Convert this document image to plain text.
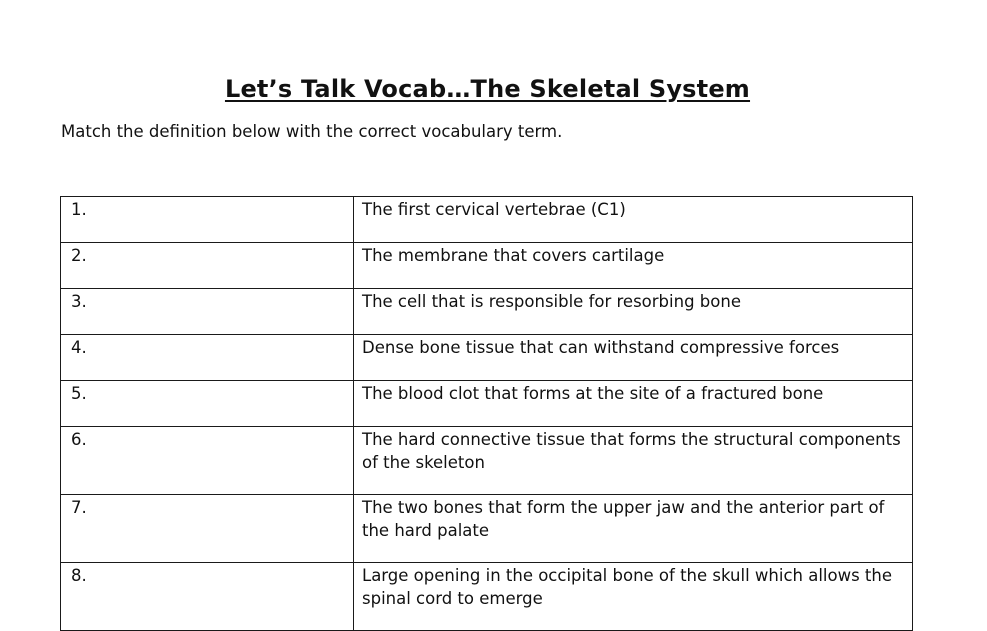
Let’s Talk Vocab…The Skeletal System
Match the definition below with the correct vocabulary term.
1.	The first cervical vertebrae (C1)

2.	The membrane that covers cartilage

3.	The cell that is responsible for resorbing bone

4.	Dense bone tissue that can withstand compressive forces

5.	The blood clot that forms at the site of a fractured bone

6.	The hard connective tissue that forms the structural components of the skeleton

7.	The two bones that form the upper jaw and the anterior part of the hard palate

8.	Large opening in the occipital bone of the skull which allows the spinal cord to emerge
